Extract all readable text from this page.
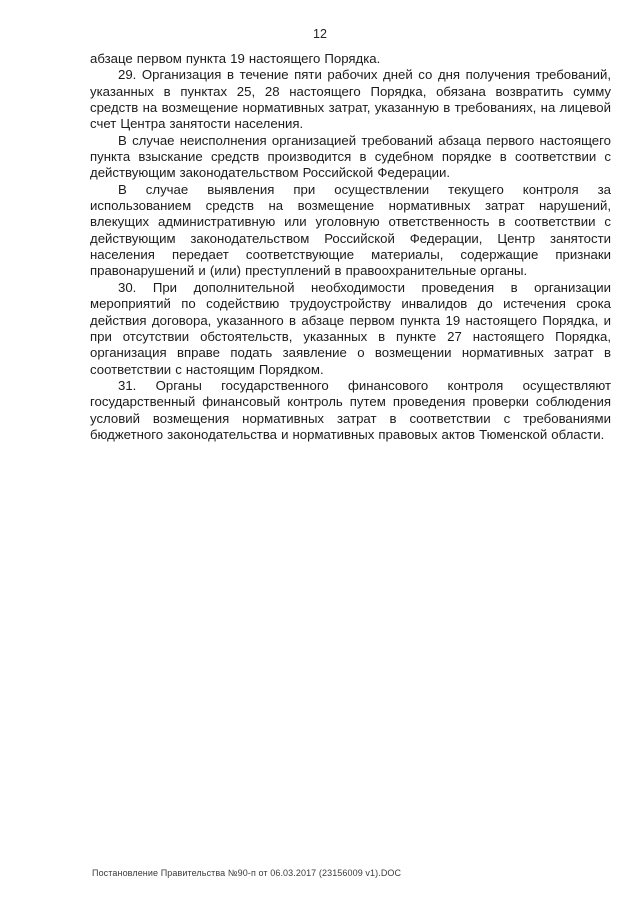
12

абзаце первом пункта 19 настоящего Порядка.

29. Организация в течение пяти рабочих дней со дня получения требований, указанных в пунктах 25, 28 настоящего Порядка, обязана возвратить сумму средств на возмещение нормативных затрат, указанную в требованиях, на лицевой счет Центра занятости населения.

В случае неисполнения организацией требований абзаца первого настоящего пункта взыскание средств производится в судебном порядке в соответствии с действующим законодательством Российской Федерации.

В случае выявления при осуществлении текущего контроля за использованием средств на возмещение нормативных затрат нарушений, влекущих административную или уголовную ответственность в соответствии с действующим законодательством Российской Федерации, Центр занятости населения передает соответствующие материалы, содержащие признаки правонарушений и (или) преступлений в правоохранительные органы.

30. При дополнительной необходимости проведения в организации мероприятий по содействию трудоустройству инвалидов до истечения срока действия договора, указанного в абзаце первом пункта 19 настоящего Порядка, и при отсутствии обстоятельств, указанных в пункте 27 настоящего Порядка, организация вправе подать заявление о возмещении нормативных затрат в соответствии с настоящим Порядком.

31. Органы государственного финансового контроля осуществляют государственный финансовый контроль путем проведения проверки соблюдения условий возмещения нормативных затрат в соответствии с требованиями бюджетного законодательства и нормативных правовых актов Тюменской области.

Постановление Правительства №90-п от 06.03.2017 (23156009 v1).DOC
